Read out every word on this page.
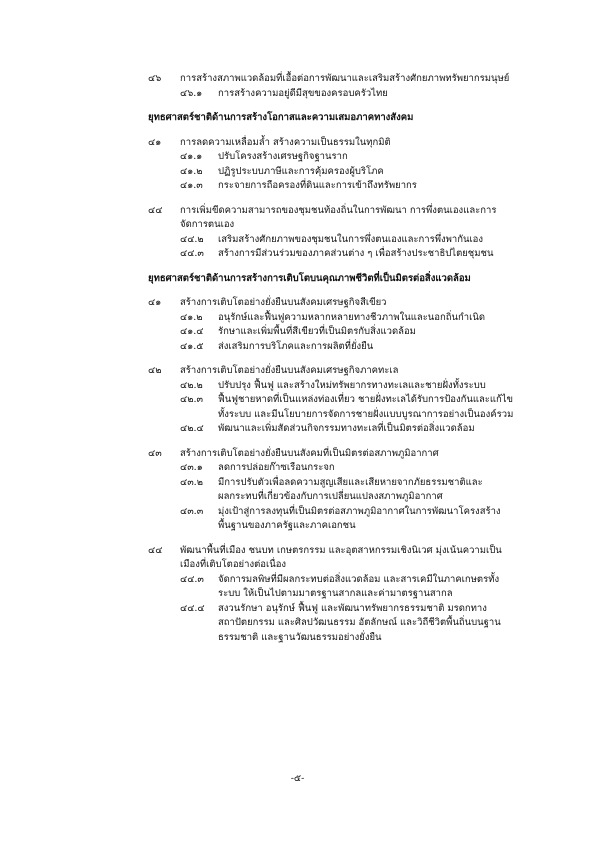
๔๖ การสร้างสภาพแวดล้อมที่เอื้อต่อการพัฒนาและเสริมสร้างศักยภาพทรัพยากรมนุษย์
๔๖.๑ การสร้างความอยู่ดีมีสุขของครอบครัวไทย
ยุทธศาสตร์ชาติด้านการสร้างโอกาสและความเสมอภาคทางสังคม
๔๑ การลดความเหลื่อมล้ำ สร้างความเป็นธรรมในทุกมิติ
๔๑.๑ ปรับโครงสร้างเศรษฐกิจฐานราก
๔๑.๒ ปฏิรูประบบภาษีและการคุ้มครองผู้บริโภค
๔๑.๓ กระจายการถือครองที่ดินและการเข้าถึงทรัพยากร
๔๔ การเพิ่มขีดความสามารถของชุมชนท้องถิ่นในการพัฒนา การพึ่งตนเองและการ
จัดการตนเอง
๔๔.๒ เสริมสร้างศักยภาพของชุมชนในการพึ่งตนเองและการพึ่งพากันเอง
๔๔.๓ สร้างการมีส่วนร่วมของภาคส่วนต่าง ๆ เพื่อสร้างประชาธิปไตยชุมชน
ยุทธศาสตร์ชาติด้านการสร้างการเติบโตบนคุณภาพชีวิตที่เป็นมิตรต่อสิ่งแวดล้อม
๔๑ สร้างการเติบโตอย่างยั่งยืนบนสังคมเศรษฐกิจสีเขียว
๔๑.๒ อนุรักษ์และฟื้นฟูความหลากหลายทางชีวภาพในและนอกถิ่นกำเนิด
๔๑.๔ รักษาและเพิ่มพื้นที่สีเขียวที่เป็นมิตรกับสิ่งแวดล้อม
๔๑.๕ ส่งเสริมการบริโภคและการผลิตที่ยั่งยืน
๔๒ สร้างการเติบโตอย่างยั่งยืนบนสังคมเศรษฐกิจภาคทะเล
๔๒.๒ ปรับปรุง ฟื้นฟู และสร้างใหม่ทรัพยากรทางทะเลและชายฝั่งทั้งระบบ
๔๒.๓ ฟื้นฟูชายหาดที่เป็นแหล่งท่องเที่ยว ชายฝั่งทะเลได้รับการป้องกันและแก้ไข
ทั้งระบบ และมีนโยบายการจัดการชายฝั่งแบบบูรณาการอย่างเป็นองค์รวม
๔๒.๔ พัฒนาและเพิ่มสัดส่วนกิจกรรมทางทะเลที่เป็นมิตรต่อสิ่งแวดล้อม
๔๓ สร้างการเติบโตอย่างยั่งยืนบนสังคมที่เป็นมิตรต่อสภาพภูมิอากาศ
๔๓.๑ ลดการปล่อยก๊าซเรือนกระจก
๔๓.๒ มีการปรับตัวเพื่อลดความสูญเสียและเสียหายจากภัยธรรมชาติและ
ผลกระทบที่เกี่ยวข้องกับการเปลี่ยนแปลงสภาพภูมิอากาศ
๔๓.๓ มุ่งเป้าสู่การลงทุนที่เป็นมิตรต่อสภาพภูมิอากาศในการพัฒนาโครงสร้าง
พื้นฐานของภาครัฐและภาคเอกชน
๔๔ พัฒนาพื้นที่เมือง ชนบท เกษตรกรรม และอุตสาหกรรมเชิงนิเวศ มุ่งเน้นความเป็น
เมืองที่เติบโตอย่างต่อเนื่อง
๔๔.๓ จัดการมลพิษที่มีผลกระทบต่อสิ่งแวดล้อม และสารเคมีในภาคเกษตรทั้ง
ระบบ ให้เป็นไปตามมาตรฐานสากลและค่ามาตรฐานสากล
๔๔.๔ สงวนรักษา อนุรักษ์ ฟื้นฟู และพัฒนาทรัพยากรธรรมชาติ มรดกทาง
สถาปัตยกรรม และศิลปวัฒนธรรม อัตลักษณ์ และวิถีชีวิตพื้นถิ่นบนฐาน
ธรรมชาติ และฐานวัฒนธรรมอย่างยั่งยืน
-๕-
